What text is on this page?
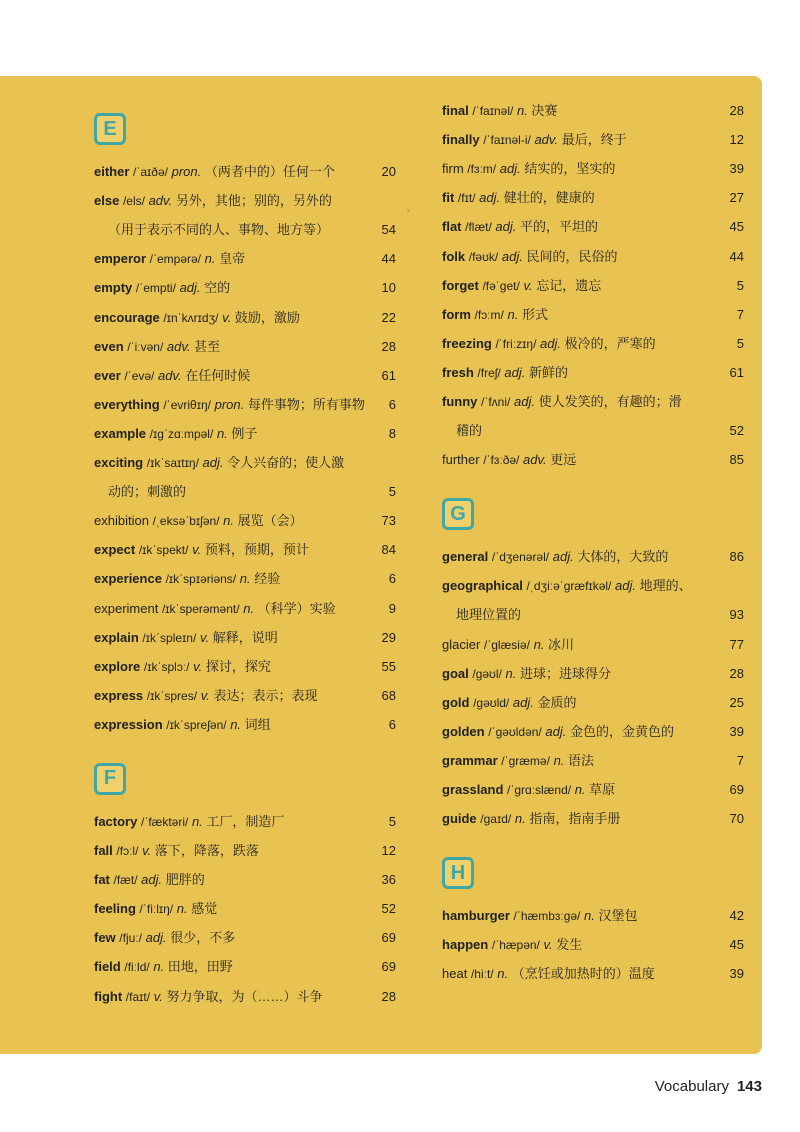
E
either /ˈaɪðə/ pron. （两者中的）任何一个	20
else /els/ adv. 另外，其他；别的，另外的
（用于表示不同的人、事物、地方等）	54
emperor /ˈempərə/ n. 皇帝	44
empty /ˈempti/ adj. 空的	10
encourage /ɪnˈkʌrɪdʒ/ v. 鼓励，激励	22
even /ˈiːvən/ adv. 甚至	28
ever /ˈevə/ adv. 在任何时候	61
everything /ˈevriθɪŋ/ pron. 每件事物；所有事物	6
example /ɪgˈzɑːmpəl/ n. 例子	8
exciting /ɪkˈsaɪtɪŋ/ adj. 令人兴奋的；使人激
动的；刺激的	5
exhibition /ˌeksəˈbɪʃən/ n. 展览（会）	73
expect /ɪkˈspekt/ v. 预料，预期，预计	84
experience /ɪkˈspɪəriəns/ n. 经验	6
experiment /ɪkˈsperəmənt/ n. （科学）实验	9
explain /ɪkˈspleɪn/ v. 解释，说明	29
explore /ɪkˈsplɔː/ v. 探讨，探究	55
express /ɪkˈspres/ v. 表达；表示；表现	68
expression /ɪkˈspreʃən/ n. 词组	6
F
factory /ˈfæktəri/ n. 工厂，制造厂	5
fall /fɔːl/ v. 落下，降落，跌落	12
fat /fæt/ adj. 肥胖的	36
feeling /ˈfiːlɪŋ/ n. 感觉	52
few /fjuː/ adj. 很少，不多	69
field /fiːld/ n. 田地，田野	69
fight /faɪt/ v. 努力争取，为（……）斗争	28
final /ˈfaɪnəl/ n. 决赛	28
finally /ˈfaɪnəl-i/ adv. 最后，终于	12
firm /fɜːm/ adj. 结实的，坚实的	39
fit /fɪt/ adj. 健壮的，健康的	27
flat /flæt/ adj. 平的，平坦的	45
folk /fəʊk/ adj. 民间的，民俗的	44
forget /fəˈget/ v. 忘记，遗忘	5
form /fɔːm/ n. 形式	7
freezing /ˈfriːzɪŋ/ adj. 极冷的，严寒的	5
fresh /freʃ/ adj. 新鲜的	61
funny /ˈfʌni/ adj. 使人发笑的，有趣的；滑
稽的	52
further /ˈfɜːðə/ adv. 更远	85
G
general /ˈdʒenərəl/ adj. 大体的，大致的	86
geographical /ˌdʒiːəˈgræfɪkəl/ adj. 地理的、
地理位置的	93
glacier /ˈglæsiə/ n. 冰川	77
goal /gəʊl/ n. 进球；进球得分	28
gold /gəʊld/ adj. 金质的	25
golden /ˈgəʊldən/ adj. 金色的，金黄色的	39
grammar /ˈgræmə/ n. 语法	7
grassland /ˈgrɑːslænd/ n. 草原	69
guide /gaɪd/ n. 指南，指南手册	70
H
hamburger /ˈhæmbɜːgə/ n. 汉堡包	42
happen /ˈhæpən/ v. 发生	45
heat /hiːt/ n. （烹饪或加热时的）温度	39
Vocabulary 143
